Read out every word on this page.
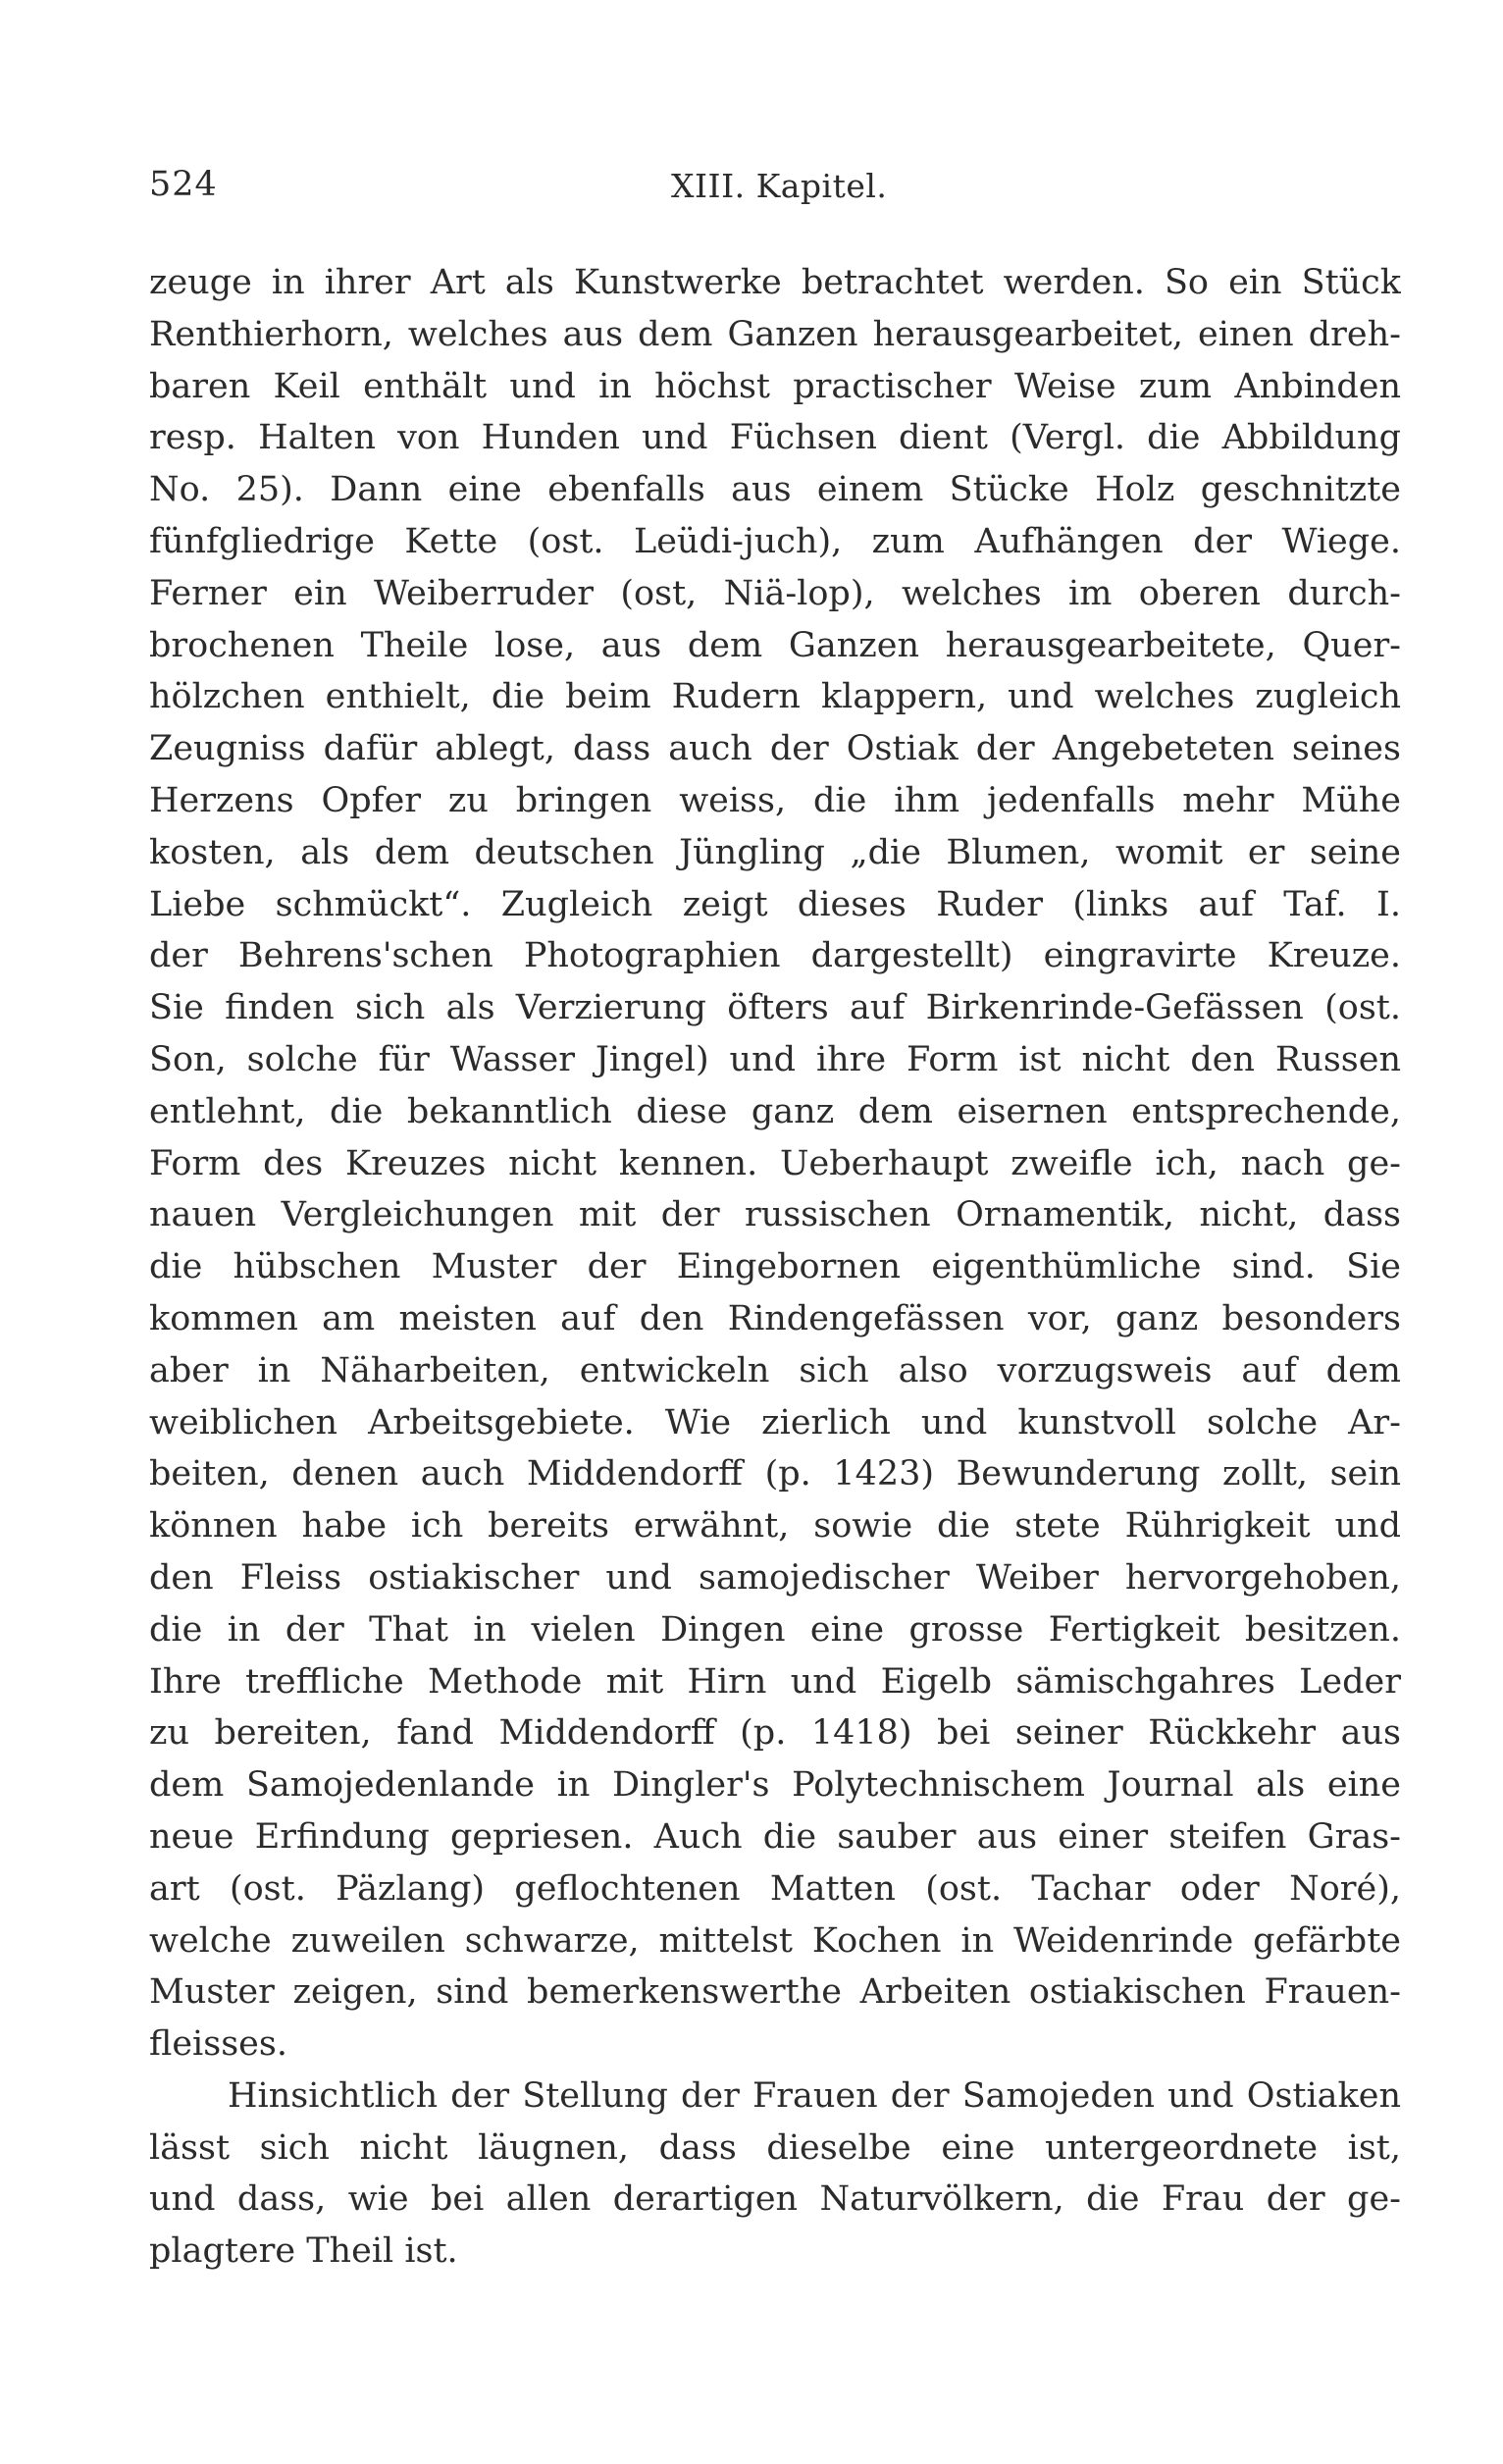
524	XIII. Kapitel.
zeuge in ihrer Art als Kunstwerke betrachtet werden. So ein Stück
Renthierhorn, welches aus dem Ganzen herausgearbeitet, einen dreh-
baren Keil enthält und in höchst practischer Weise zum Anbinden
resp. Halten von Hunden und Füchsen dient (Vergl. die Abbildung
No. 25). Dann eine ebenfalls aus einem Stücke Holz geschnitzte
fünfgliedrige Kette (ost. Leüdi-juch), zum Aufhängen der Wiege.
Ferner ein Weiberruder (ost, Niä-lop), welches im oberen durch-
brochenen Theile lose, aus dem Ganzen herausgearbeitete, Quer-
hölzchen enthielt, die beim Rudern klappern, und welches zugleich
Zeugniss dafür ablegt, dass auch der Ostiak der Angebeteten seines
Herzens Opfer zu bringen weiss, die ihm jedenfalls mehr Mühe
kosten, als dem deutschen Jüngling „die Blumen, womit er seine
Liebe schmückt“. Zugleich zeigt dieses Ruder (links auf Taf. I.
der Behrens'schen Photographien dargestellt) eingravirte Kreuze.
Sie finden sich als Verzierung öfters auf Birkenrinde-Gefässen (ost.
Son, solche für Wasser Jingel) und ihre Form ist nicht den Russen
entlehnt, die bekanntlich diese ganz dem eisernen entsprechende,
Form des Kreuzes nicht kennen. Ueberhaupt zweifle ich, nach ge-
nauen Vergleichungen mit der russischen Ornamentik, nicht, dass
die hübschen Muster der Eingebornen eigenthümliche sind. Sie
kommen am meisten auf den Rindengefässen vor, ganz besonders
aber in Näharbeiten, entwickeln sich also vorzugsweis auf dem
weiblichen Arbeitsgebiete. Wie zierlich und kunstvoll solche Ar-
beiten, denen auch Middendorff (p. 1423) Bewunderung zollt, sein
können habe ich bereits erwähnt, sowie die stete Rührigkeit und
den Fleiss ostiakischer und samojedischer Weiber hervorgehoben,
die in der That in vielen Dingen eine grosse Fertigkeit besitzen.
Ihre treffliche Methode mit Hirn und Eigelb sämischgahres Leder
zu bereiten, fand Middendorff (p. 1418) bei seiner Rückkehr aus
dem Samojedenlande in Dingler's Polytechnischem Journal als eine
neue Erfindung gepriesen. Auch die sauber aus einer steifen Gras-
art (ost. Päzlang) geflochtenen Matten (ost. Tachar oder Noré),
welche zuweilen schwarze, mittelst Kochen in Weidenrinde gefärbte
Muster zeigen, sind bemerkenswerthe Arbeiten ostiakischen Frauen-
fleisses.
Hinsichtlich der Stellung der Frauen der Samojeden und Ostiaken
lässt sich nicht läugnen, dass dieselbe eine untergeordnete ist,
und dass, wie bei allen derartigen Naturvölkern, die Frau der ge-
plagtere Theil ist.
